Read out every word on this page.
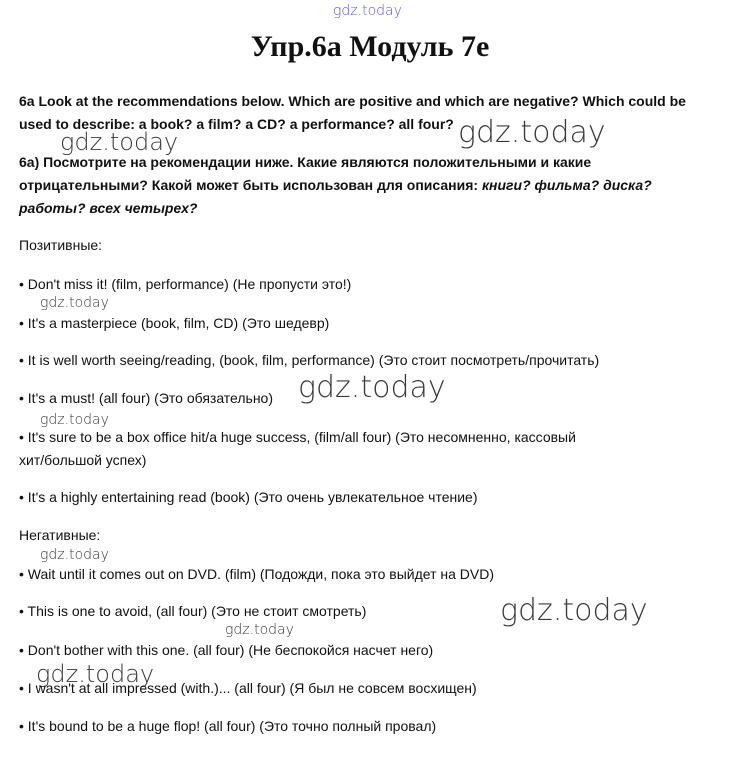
gdz.today
gdz.today	gdz.today
gdz.today
gdz.today
gdz.today
gdz.today
gdz.today
gdz.today
gdz.today
Упр.6а Модуль 7е
6a Look at the recommendations below. Which are positive and which are negative? Which could be
used to describe: a book? a film? a CD? a performance? all four?
6а) Посмотрите на рекомендации ниже. Какие являются положительными и какие
отрицательными? Какой может быть использован для описания: книги? фильма? диска?
работы? всех четырех?
Позитивные:
• Don't miss it! (film, performance) (Не пропусти это!)
• It's a masterpiece (book, film, CD) (Это шедевр)
• It is well worth seeing/reading, (book, film, performance) (Это стоит посмотреть/прочитать)
• It's a must! (all four) (Это обязательно)
• It's sure to be a box office hit/a huge success, (film/all four) (Это несомненно, кассовый
хит/большой успех)
• It's a highly entertaining read (book) (Это очень увлекательное чтение)
Негативные:
• Wait until it comes out on DVD. (film) (Подожди, пока это выйдет на DVD)
• This is one to avoid, (all four) (Это не стоит смотреть)
• Don't bother with this one. (all four) (Не беспокойся насчет него)
• I wasn't at all impressed (with.)... (all four) (Я был не совсем восхищен)
• It's bound to be a huge flop! (all four) (Это точно полный провал)
